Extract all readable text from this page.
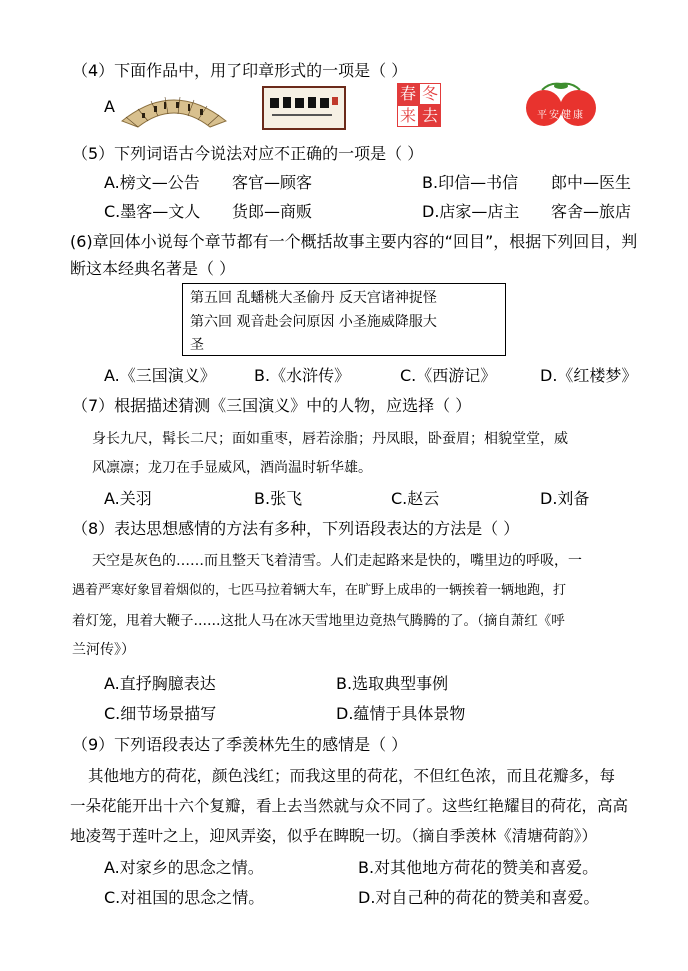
（4）下面作品中，用了印章形式的一项是（ ）
A
春 冬
来 去	平安健康
（5）下列词语古今说法对应不正确的一项是（ ）
A.榜文—公告 客官—顾客	B.印信—书信 郎中—医生
C.墨客—文人 货郎—商贩	D.店家—店主 客舍—旅店
(6)章回体小说每个章节都有一个概括故事主要内容的“回目”，根据下列回目，判
断这本经典名著是（ ）
第五回 乱蟠桃大圣偷丹 反天宫诸神捉怪
第六回 观音赴会问原因 小圣施威降服大
圣
A.《三国演义》 B.《水浒传》	C.《西游记》	D.《红楼梦》
（7）根据描述猜测《三国演义》中的人物，应选择（ ）
身长九尺，髯长二尺；面如重枣，唇若涂脂；丹凤眼，卧蚕眉；相貌堂堂，威
风凛凛；龙刀在手显威风，酒尚温时斩华雄。
A.关羽	B.张飞	C.赵云	D.刘备
（8）表达思想感情的方法有多种，下列语段表达的方法是（ ）
天空是灰色的……而且整天飞着清雪。人们走起路来是快的，嘴里边的呼吸，一
遇着严寒好象冒着烟似的，七匹马拉着辆大车，在旷野上成串的一辆挨着一辆地跑，打
着灯笼，甩着大鞭子……这批人马在冰天雪地里边竟热气腾腾的了。（摘自萧红《呼
兰河传》）
A.直抒胸臆表达	B.选取典型事例
C.细节场景描写	D.蕴情于具体景物
（9）下列语段表达了季羡林先生的感情是（ ）
其他地方的荷花，颜色浅红；而我这里的荷花，不但红色浓，而且花瓣多，每
一朵花能开出十六个复瓣，看上去当然就与众不同了。这些红艳耀目的荷花，高高
地凌驾于莲叶之上，迎风弄姿，似乎在睥睨一切。（摘自季羡林《清塘荷韵》）
A.对家乡的思念之情。	B.对其他地方荷花的赞美和喜爱。
C.对祖国的思念之情。	D.对自己种的荷花的赞美和喜爱。
